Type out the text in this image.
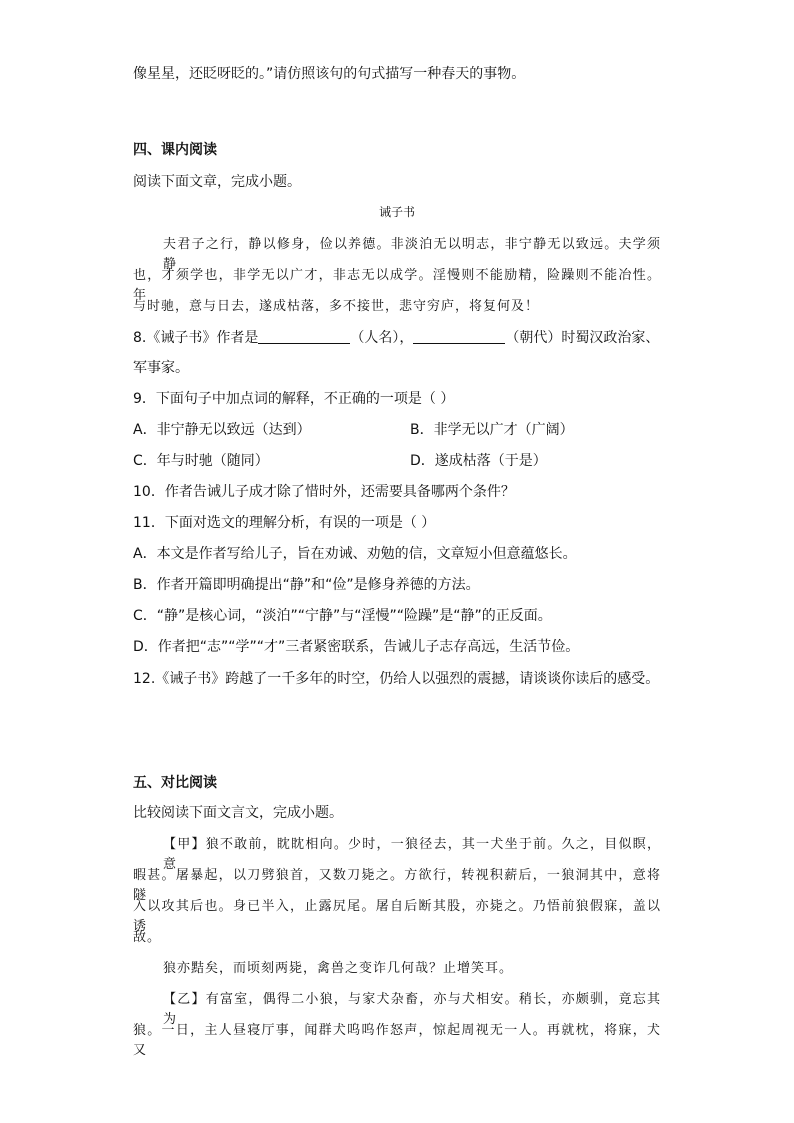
像星星，还眨呀眨的。”请仿照该句的句式描写一种春天的事物。
四、课内阅读
阅读下面文章，完成小题。
诫子书
夫君子之行，静以修身，俭以养德。非淡泊无以明志，非宁静无以致远。夫学须静
也，才须学也，非学无以广才，非志无以成学。淫慢则不能励精，险躁则不能冶性。年
与时驰，意与日去，遂成枯落，多不接世，悲守穷庐，将复何及！
8.《诫子书》作者是	（人名），	（朝代）时蜀汉政治家、
军事家。
9．下面句子中加点词的解释，不正确的一项是（ ）
A．非宁静无以致远（达到）	B．非学无以广才（广阔）
C．年与时驰（随同）	D．遂成枯落（于是）
10．作者告诫儿子成才除了惜时外，还需要具备哪两个条件？
11．下面对选文的理解分析，有误的一项是（ ）
A．本文是作者写给儿子，旨在劝诫、劝勉的信，文章短小但意蕴悠长。
B．作者开篇即明确提出“静”和“俭”是修身养德的方法。
C．“静”是核心词，“淡泊”“宁静”与“淫慢”“险躁”是“静”的正反面。
D．作者把“志”“学”“才”三者紧密联系，告诫儿子志存高远，生活节俭。
12.《诫子书》跨越了一千多年的时空，仍给人以强烈的震撼，请谈谈你读后的感受。
五、对比阅读
比较阅读下面文言文，完成小题。
【甲】狼不敢前，眈眈相向。少时，一狼径去，其一犬坐于前。久之，目似瞑，意
暇甚。屠暴起，以刀劈狼首，又数刀毙之。方欲行，转视积薪后，一狼洞其中，意将隧
入以攻其后也。身已半入，止露尻尾。屠自后断其股，亦毙之。乃悟前狼假寐，盖以诱
敌。
狼亦黠矣，而顷刻两毙，禽兽之变诈几何哉？止增笑耳。
【乙】有富室，偶得二小狼，与家犬杂畜，亦与犬相安。稍长，亦颇驯，竟忘其为
狼。一日，主人昼寝厅事，闻群犬呜呜作怒声，惊起周视无一人。再就枕，将寐，犬又
